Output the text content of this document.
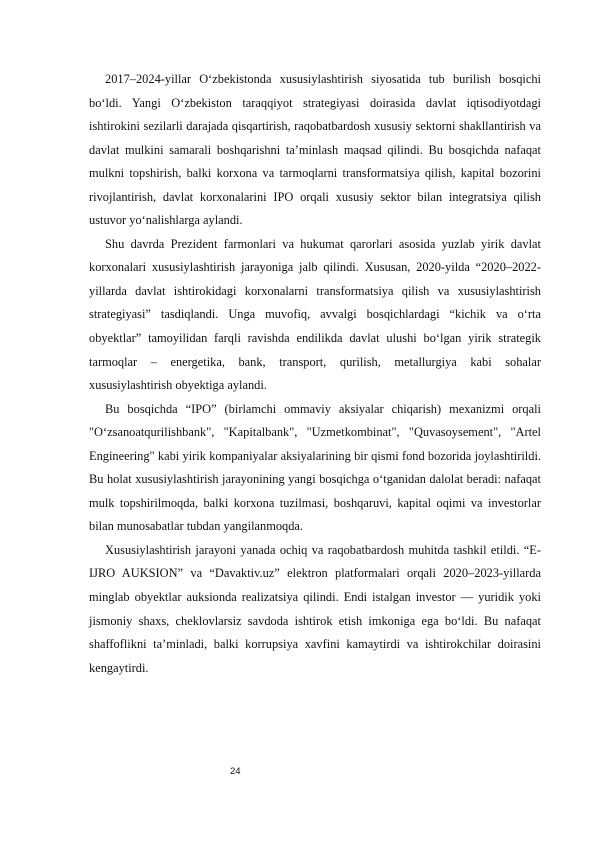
2017–2024-yillar O‘zbekistonda xususiylashtirish siyosatida tub burilish bosqichi bo‘ldi. Yangi O‘zbekiston taraqqiyot strategiyasi doirasida davlat iqtisodiyotdagi ishtirokini sezilarli darajada qisqartirish, raqobatbardosh xususiy sektorni shakllantirish va davlat mulkini samarali boshqarishni ta’minlash maqsad qilindi. Bu bosqichda nafaqat mulkni topshirish, balki korxona va tarmoqlarni transformatsiya qilish, kapital bozorini rivojlantirish, davlat korxonalarini IPO orqali xususiy sektor bilan integratsiya qilish ustuvor yo‘nalishlarga aylandi.

Shu davrda Prezident farmonlari va hukumat qarorlari asosida yuzlab yirik davlat korxonalari xususiylashtirish jarayoniga jalb qilindi. Xususan, 2020-yilda “2020–2022-yillarda davlat ishtirokidagi korxonalarni transformatsiya qilish va xususiylashtirish strategiyasi” tasdiqlandi. Unga muvofiq, avvalgi bosqichlardagi “kichik va o‘rta obyektlar” tamoyilidan farqli ravishda endilikda davlat ulushi bo‘lgan yirik strategik tarmoqlar – energetika, bank, transport, qurilish, metallurgiya kabi sohalar xususiylashtirish obyektiga aylandi.

Bu bosqichda “IPO” (birlamchi ommaviy aksiyalar chiqarish) mexanizmi orqali "O‘zsanoatqurilishbank", "Kapitalbank", "Uzmetkombinat", "Quvasoysement", "Artel Engineering" kabi yirik kompaniyalar aksiyalarining bir qismi fond bozorida joylashtirildi. Bu holat xususiylashtirish jarayonining yangi bosqichga o‘tganidan dalolat beradi: nafaqat mulk topshirilmoqda, balki korxona tuzilmasi, boshqaruvi, kapital oqimi va investorlar bilan munosabatlar tubdan yangilanmoqda.

Xususiylashtirish jarayoni yanada ochiq va raqobatbardosh muhitda tashkil etildi. “E-IJRO AUKSION” va “Davaktiv.uz” elektron platformalari orqali 2020–2023-yillarda minglab obyektlar auksionda realizatsiya qilindi. Endi istalgan investor — yuridik yoki jismoniy shaxs, cheklovlarsiz savdoda ishtirok etish imkoniga ega bo‘ldi. Bu nafaqat shaffoflikni ta’minladi, balki korrupsiya xavfini kamaytirdi va ishtirokchilar doirasini kengaytirdi.

24
